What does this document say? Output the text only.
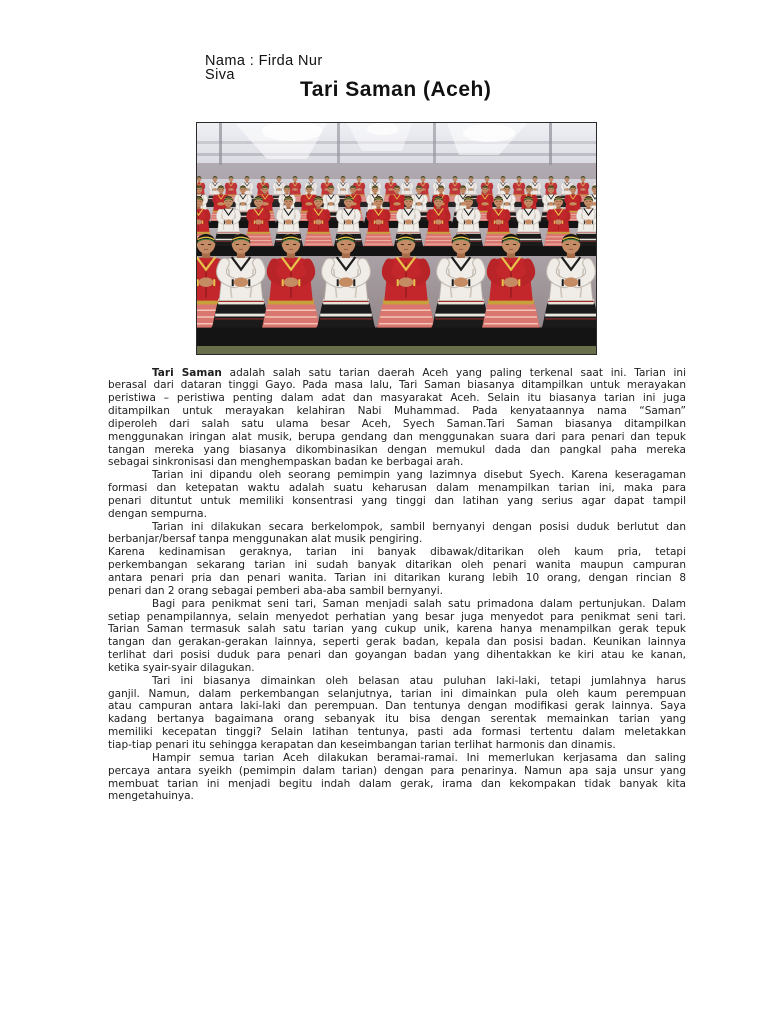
Nama : Firda Nur Siva
Tari Saman (Aceh)
Tari Saman adalah salah satu tarian daerah Aceh yang paling terkenal saat ini. Tarian ini
berasal dari dataran tinggi Gayo. Pada masa lalu, Tari Saman biasanya ditampilkan untuk merayakan
peristiwa – peristiwa penting dalam adat dan masyarakat Aceh. Selain itu biasanya tarian ini juga
ditampilkan untuk merayakan kelahiran Nabi Muhammad. Pada kenyataannya nama “Saman”
diperoleh dari salah satu ulama besar Aceh, Syech Saman.Tari Saman biasanya ditampilkan
menggunakan iringan alat musik, berupa gendang dan menggunakan suara dari para penari dan tepuk
tangan mereka yang biasanya dikombinasikan dengan memukul dada dan pangkal paha mereka
sebagai sinkronisasi dan menghempaskan badan ke berbagai arah.
Tarian ini dipandu oleh seorang pemimpin yang lazimnya disebut Syech. Karena keseragaman
formasi dan ketepatan waktu adalah suatu keharusan dalam menampilkan tarian ini, maka para
penari dituntut untuk memiliki konsentrasi yang tinggi dan latihan yang serius agar dapat tampil
dengan sempurna.
Tarian ini dilakukan secara berkelompok, sambil bernyanyi dengan posisi duduk berlutut dan
berbanjar/bersaf tanpa menggunakan alat musik pengiring.
Karena kedinamisan geraknya, tarian ini banyak dibawak/ditarikan oleh kaum pria, tetapi
perkembangan sekarang tarian ini sudah banyak ditarikan oleh penari wanita maupun campuran
antara penari pria dan penari wanita. Tarian ini ditarikan kurang lebih 10 orang, dengan rincian 8
penari dan 2 orang sebagai pemberi aba-aba sambil bernyanyi.
Bagi para penikmat seni tari, Saman menjadi salah satu primadona dalam pertunjukan. Dalam
setiap penampilannya, selain menyedot perhatian yang besar juga menyedot para penikmat seni tari.
Tarian Saman termasuk salah satu tarian yang cukup unik, karena hanya menampilkan gerak tepuk
tangan dan gerakan-gerakan lainnya, seperti gerak badan, kepala dan posisi badan. Keunikan lainnya
terlihat dari posisi duduk para penari dan goyangan badan yang dihentakkan ke kiri atau ke kanan,
ketika syair-syair dilagukan.
Tari ini biasanya dimainkan oleh belasan atau puluhan laki-laki, tetapi jumlahnya harus
ganjil. Namun, dalam perkembangan selanjutnya, tarian ini dimainkan pula oleh kaum perempuan
atau campuran antara laki-laki dan perempuan. Dan tentunya dengan modifikasi gerak lainnya. Saya
kadang bertanya bagaimana orang sebanyak itu bisa dengan serentak memainkan tarian yang
memiliki kecepatan tinggi? Selain latihan tentunya, pasti ada formasi tertentu dalam meletakkan
tiap-tiap penari itu sehingga kerapatan dan keseimbangan tarian terlihat harmonis dan dinamis.
Hampir semua tarian Aceh dilakukan beramai-ramai. Ini memerlukan kerjasama dan saling
percaya antara syeikh (pemimpin dalam tarian) dengan para penarinya. Namun apa saja unsur yang
membuat tarian ini menjadi begitu indah dalam gerak, irama dan kekompakan tidak banyak kita
mengetahuinya.
